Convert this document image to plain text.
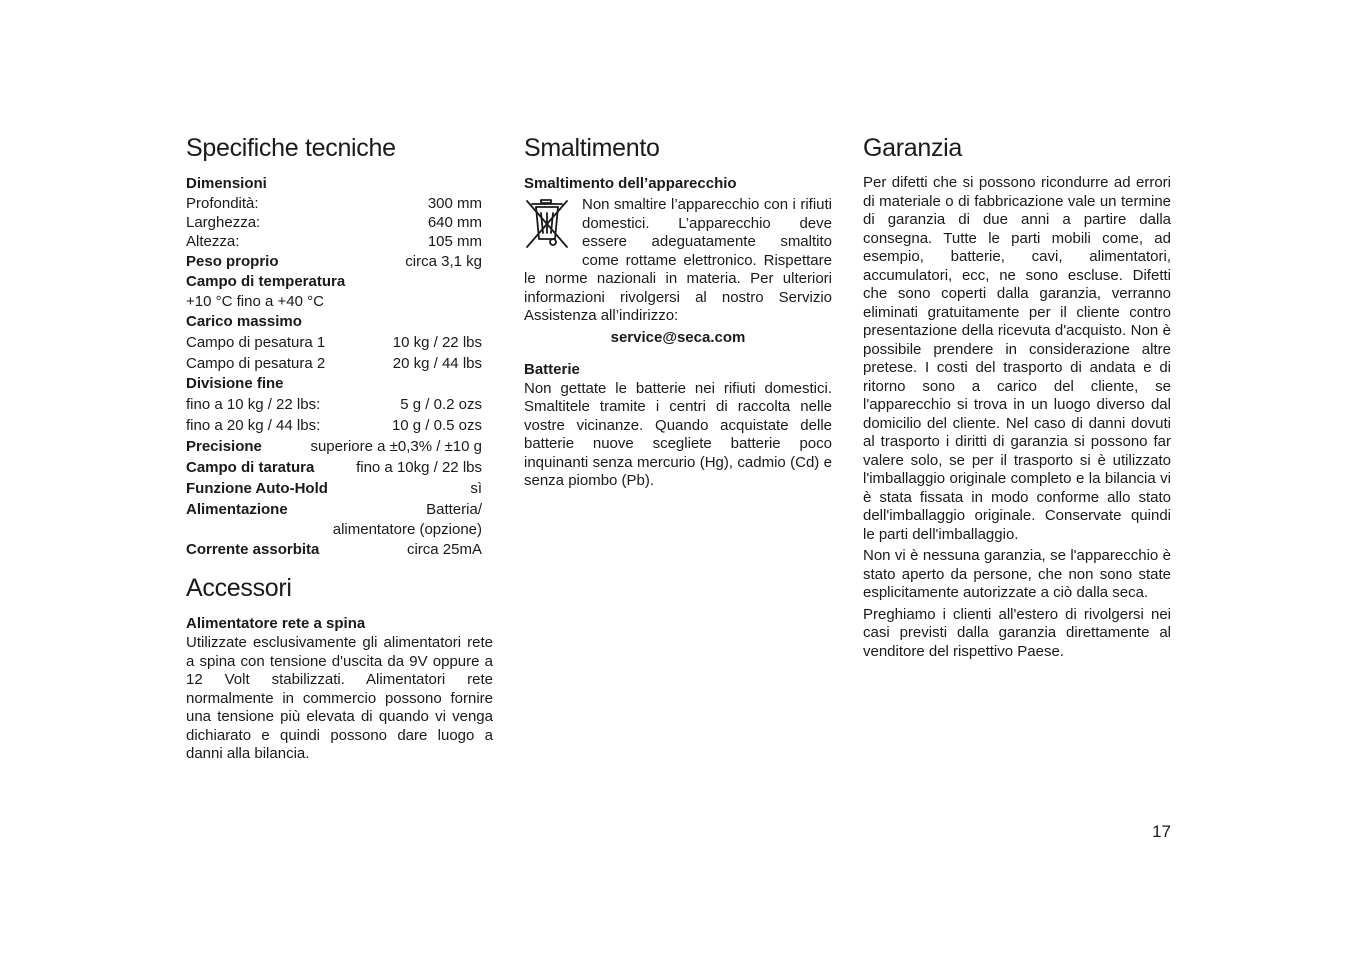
Specifiche tecniche
Dimensioni
Profondità:	300 mm
Larghezza:	640 mm
Altezza:	105 mm
Peso proprio	circa 3,1 kg
Campo di temperatura
+10 °C fino a +40 °C
Carico massimo
Campo di pesatura 1	10 kg / 22 lbs
Campo di pesatura 2	20 kg / 44 lbs
Divisione fine
fino a 10 kg / 22 lbs:	5 g / 0.2 ozs
fino a 20 kg / 44 lbs:	10 g / 0.5 ozs
Precisione	superiore a ±0,3% / ±10 g
Campo di taratura	fino a 10kg / 22 lbs
Funzione Auto-Hold	sì
Alimentazione	Batteria/
alimentatore (opzione)
Corrente assorbita	circa 25mA
Accessori
Alimentatore rete a spina

Utilizzate esclusivamente gli alimentatori rete a spina con tensione d'uscita da 9V oppure a 12 Volt stabilizzati. Alimentatori rete normalmente in commercio possono fornire una tensione più elevata di quando vi venga dichiarato e quindi possono dare luogo a danni alla bilancia.

Smaltimento
Smaltimento dell’apparecchio

Non smaltire l’apparecchio con i rifiuti domestici. L’apparecchio deve essere adeguatamente smaltito come rottame elettronico. Rispettare le norme nazionali in materia. Per ulteriori informazioni rivolgersi al nostro Servizio Assistenza all’indirizzo:

service@seca.com
Batterie

Non gettate le batterie nei rifiuti domestici. Smaltitele tramite i centri di raccolta nelle vostre vicinanze. Quando acquistate delle batterie nuove scegliete batterie poco inquinanti senza mercurio (Hg), cadmio (Cd) e senza piombo (Pb).

Garanzia

Per difetti che si possono ricondurre ad errori di materiale o di fabbricazione vale un termine di garanzia di due anni a partire dalla consegna. Tutte le parti mobili come, ad esempio, batterie, cavi, alimentatori, accumulatori, ecc, ne sono escluse. Difetti che sono coperti dalla garanzia, verranno eliminati gratuitamente per il cliente contro presentazione della ricevuta d'acquisto. Non è possibile prendere in considerazione altre pretese. I costi del trasporto di andata e di ritorno sono a carico del cliente, se l'apparecchio si trova in un luogo diverso dal domicilio del cliente. Nel caso di danni dovuti al trasporto i diritti di garanzia si possono far valere solo, se per il trasporto si è utilizzato l'imballaggio originale completo e la bilancia vi è stata fissata in modo conforme allo stato dell'imballaggio originale. Conservate quindi le parti dell'imballaggio.

Non vi è nessuna garanzia, se l'apparecchio è stato aperto da persone, che non sono state esplicitamente autorizzate a ciò dalla seca.

Preghiamo i clienti all'estero di rivolgersi nei casi previsti dalla garanzia direttamente al venditore del rispettivo Paese.

17
